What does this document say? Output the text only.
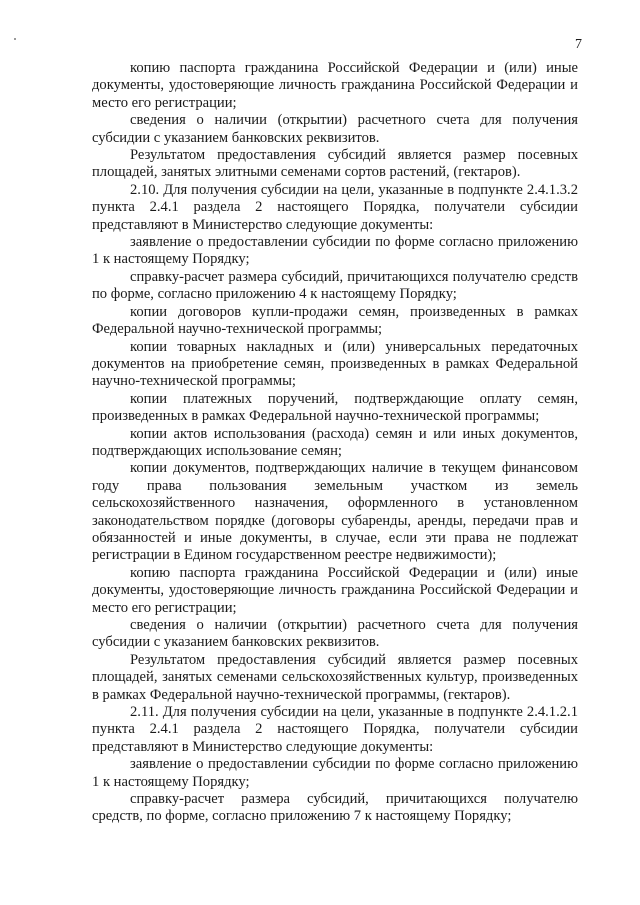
7

копию паспорта гражданина Российской Федерации и (или) иные документы, удостоверяющие личность гражданина Российской Федерации и место его регистрации;

сведения о наличии (открытии) расчетного счета для получения субсидии с указанием банковских реквизитов.

Результатом предоставления субсидий является размер посевных площадей, занятых элитными семенами сортов растений, (гектаров).

2.10. Для получения субсидии на цели, указанные в подпункте 2.4.1.3.2 пункта 2.4.1 раздела 2 настоящего Порядка, получатели субсидии представляют в Министерство следующие документы:

заявление о предоставлении субсидии по форме согласно приложению 1 к настоящему Порядку;

справку-расчет размера субсидий, причитающихся получателю средств по форме, согласно приложению 4 к настоящему Порядку;

копии договоров купли-продажи семян, произведенных в рамках Федеральной научно-технической программы;

копии товарных накладных и (или) универсальных передаточных документов на приобретение семян, произведенных в рамках Федеральной научно-технической программы;

копии платежных поручений, подтверждающие оплату семян, произведенных в рамках Федеральной научно-технической программы;

копии актов использования (расхода) семян и или иных документов, подтверждающих использование семян;

копии документов, подтверждающих наличие в текущем финансовом году права пользования земельным участком из земель сельскохозяйственного назначения, оформленного в установленном законодательством порядке (договоры субаренды, аренды, передачи прав и обязанностей и иные документы, в случае, если эти права не подлежат регистрации в Едином государственном реестре недвижимости);

копию паспорта гражданина Российской Федерации и (или) иные документы, удостоверяющие личность гражданина Российской Федерации и место его регистрации;

сведения о наличии (открытии) расчетного счета для получения субсидии с указанием банковских реквизитов.

Результатом предоставления субсидий является размер посевных площадей, занятых семенами сельскохозяйственных культур, произведенных в рамках Федеральной научно-технической программы, (гектаров).

2.11. Для получения субсидии на цели, указанные в подпункте 2.4.1.2.1 пункта 2.4.1 раздела 2 настоящего Порядка, получатели субсидии представляют в Министерство следующие документы:

заявление о предоставлении субсидии по форме согласно приложению 1 к настоящему Порядку;

справку-расчет размера субсидий, причитающихся получателю средств, по форме, согласно приложению 7 к настоящему Порядку;
